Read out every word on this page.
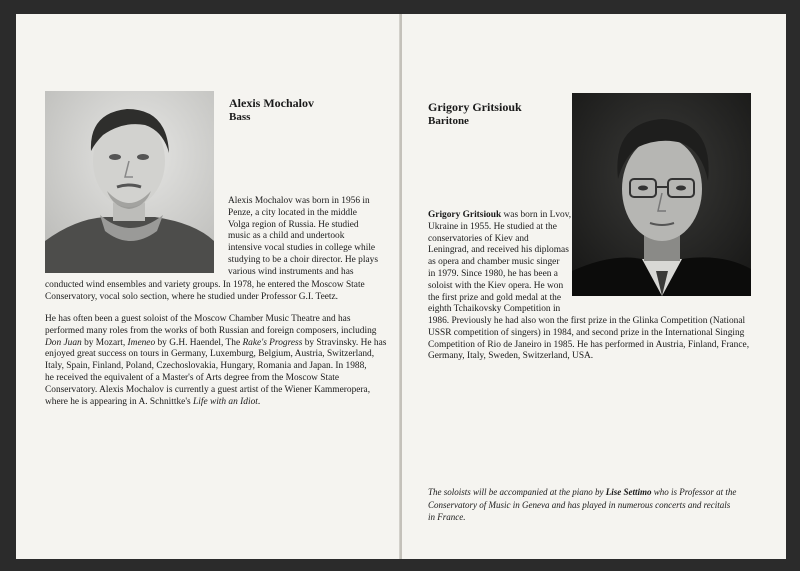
Alexis Mochalov

Bass

Alexis Mochalov was born in 1956 in
Penze, a city located in the middle
Volga region of Russia. He studied
music as a child and undertook
intensive vocal studies in college while
studying to be a choir director. He plays
various wind instruments and has

conducted wind ensembles and variety groups. In 1978, he entered the Moscow State
Conservatory, vocal solo section, where he studied under Professor G.I. Teetz.

He has often been a guest soloist of the Moscow Chamber Music Theatre and has
performed many roles from the works of both Russian and foreign composers, including
Don Juan by Mozart, Imeneo by G.H. Haendel, The Rake's Progress by Stravinsky. He has
enjoyed great success on tours in Germany, Luxemburg, Belgium, Austria, Switzerland,
Italy, Spain, Finland, Poland, Czechoslovakia, Hungary, Romania and Japan. In 1988,
he received the equivalent of a Master's of Arts degree from the Moscow State
Conservatory. Alexis Mochalov is currently a guest artist of the Wiener Kammeropera,
where he is appearing in A. Schnittke's Life with an Idiot.

Grigory Gritsiouk

Baritone

Grigory Gritsiouk was born in Lvov,
Ukraine in 1955. He studied at the
conservatories of Kiev and
Leningrad, and received his diplomas
as opera and chamber music singer
in 1979. Since 1980, he has been a
soloist with the Kiev opera. He won
the first prize and gold medal at the
eighth Tchaikovsky Competition in

1986. Previously he had also won the first prize in the Glinka Competition (National
USSR competition of singers) in 1984, and second prize in the International Singing
Competition of Rio de Janeiro in 1985. He has performed in Austria, Finland, France,
Germany, Italy, Sweden, Switzerland, USA.

The soloists will be accompanied at the piano by Lise Settimo who is Professor at the
Conservatory of Music in Geneva and has played in numerous concerts and recitals
in France.
